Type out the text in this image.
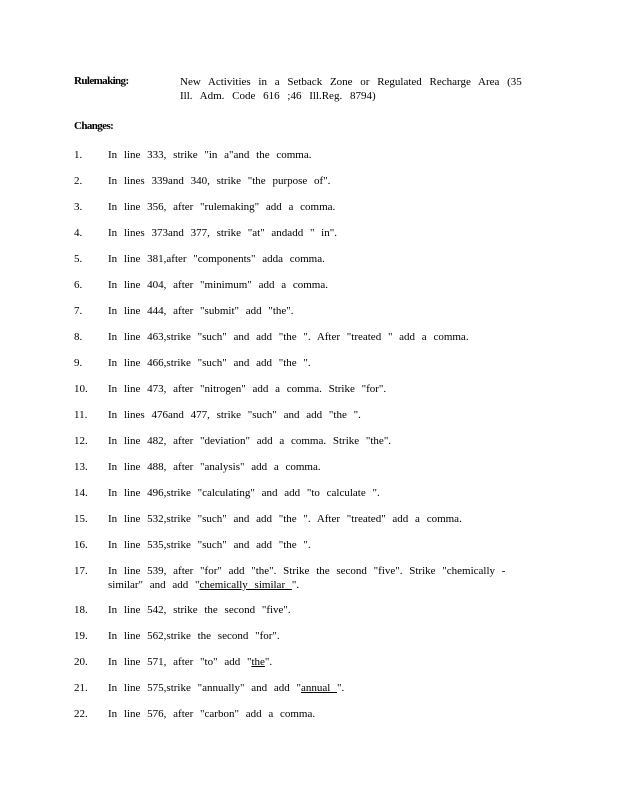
Rulemaking:	New Activities in a Setback Zone or Regulated Recharge Area (35 Ill. Adm. Code 616 ;46 Ill.Reg. 8794)
Changes:
1. In line 333, strike "in a"and the comma.
2. In lines 339and 340, strike "the purpose of".
3. In line 356, after "rulemaking" add a comma.
4. In lines 373and 377, strike "at" andadd " in".
5. In line 381,after "components" adda comma.
6. In line 404, after "minimum" add a comma.
7. In line 444, after "submit" add "the".
8. In line 463,strike "such" and add "the ". After "treated " add a comma.
9. In line 466,strike "such" and add "the ".
10. In line 473, after "nitrogen" add a comma. Strike "for".
11. In lines 476and 477, strike "such" and add "the ".
12. In line 482, after "deviation" add a comma. Strike "the".
13. In line 488, after "analysis" add a comma.
14. In line 496,strike "calculating" and add "to calculate ".
15. In line 532,strike "such" and add "the ". After "treated" add a comma.
16. In line 535,strike "such" and add "the ".
17. In line 539, after "for" add "the". Strike the second "five". Strike "chemically -similar" and add "chemically similar ".
18. In line 542, strike the second "five".
19. In line 562,strike the second "for".
20. In line 571, after "to" add "the".
21. In line 575,strike "annually" and add "annual ".
22. In line 576, after "carbon" add a comma.
